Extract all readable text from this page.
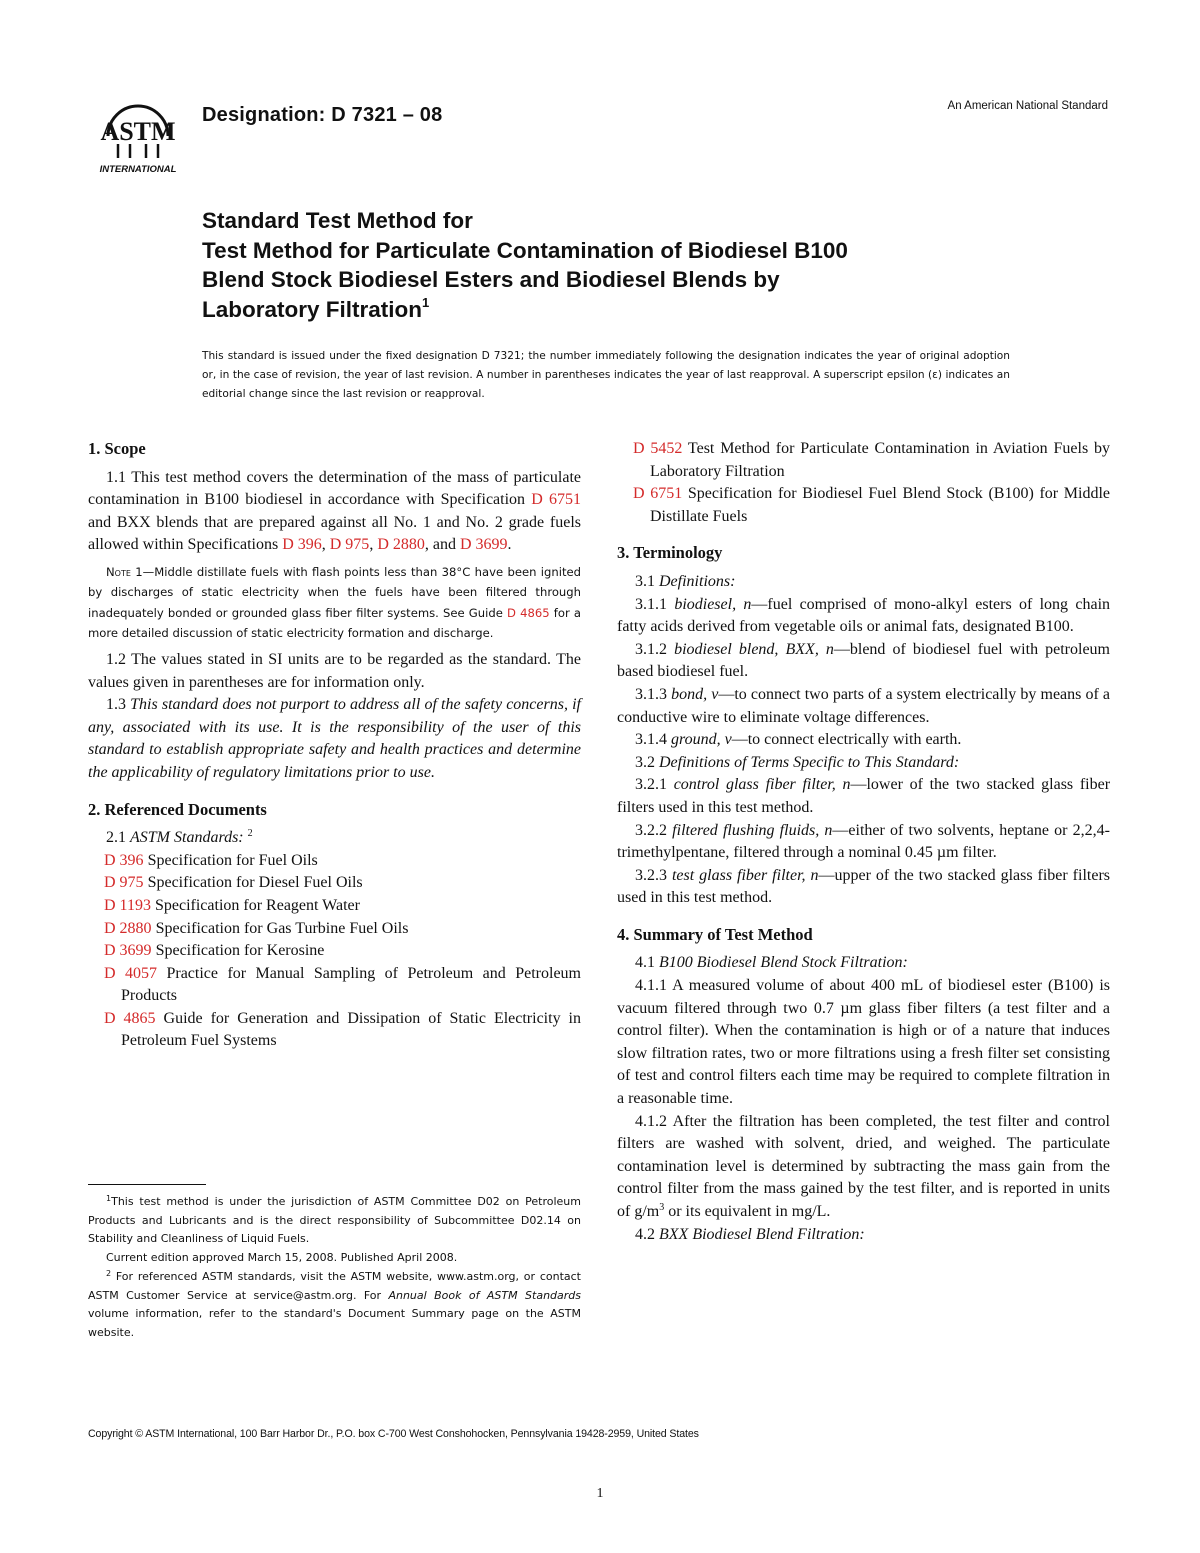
ASTM
INTERNATIONAL
Designation: D 7321 – 08	An American National Standard
Standard Test Method for
Test Method for Particulate Contamination of Biodiesel B100
Blend Stock Biodiesel Esters and Biodiesel Blends by
Laboratory Filtration$^1$
This standard is issued under the fixed designation D 7321; the number immediately following the designation indicates the year of original adoption or, in the case of revision, the year of last revision. A number in parentheses indicates the year of last reapproval. A superscript epsilon (ε) indicates an editorial change since the last revision or reapproval.

1. Scope

1.1 This test method covers the determination of the mass of particulate contamination in B100 biodiesel in accordance with Specification D 6751 and BXX blends that are prepared against all No. 1 and No. 2 grade fuels allowed within Specifications D 396, D 975, D 2880, and D 3699.

Note 1—Middle distillate fuels with flash points less than 38°C have been ignited by discharges of static electricity when the fuels have been filtered through inadequately bonded or grounded glass fiber filter systems. See Guide D 4865 for a more detailed discussion of static electricity formation and discharge.

1.2 The values stated in SI units are to be regarded as the standard. The values given in parentheses are for information only.

1.3 This standard does not purport to address all of the safety concerns, if any, associated with its use. It is the responsibility of the user of this standard to establish appropriate safety and health practices and determine the applicability of regulatory limitations prior to use.

2. Referenced Documents

2.1 ASTM Standards: $^2$

D 396 Specification for Fuel Oils

D 975 Specification for Diesel Fuel Oils

D 1193 Specification for Reagent Water

D 2880 Specification for Gas Turbine Fuel Oils

D 3699 Specification for Kerosine

D 4057 Practice for Manual Sampling of Petroleum and Petroleum Products

D 4865 Guide for Generation and Dissipation of Static Electricity in Petroleum Fuel Systems

$^1$This test method is under the jurisdiction of ASTM Committee D02 on Petroleum Products and Lubricants and is the direct responsibility of Subcommittee D02.14 on Stability and Cleanliness of Liquid Fuels.

Current edition approved March 15, 2008. Published April 2008.

$^2$ For referenced ASTM standards, visit the ASTM website, www.astm.org, or contact ASTM Customer Service at service@astm.org. For Annual Book of ASTM Standards volume information, refer to the standard's Document Summary page on the ASTM website.

D 5452 Test Method for Particulate Contamination in Aviation Fuels by Laboratory Filtration

D 6751 Specification for Biodiesel Fuel Blend Stock (B100) for Middle Distillate Fuels

3. Terminology

3.1 Definitions:

3.1.1 biodiesel, n—fuel comprised of mono-alkyl esters of long chain fatty acids derived from vegetable oils or animal fats, designated B100.

3.1.2 biodiesel blend, BXX, n—blend of biodiesel fuel with petroleum based biodiesel fuel.

3.1.3 bond, v—to connect two parts of a system electrically by means of a conductive wire to eliminate voltage differences.

3.1.4 ground, v—to connect electrically with earth.

3.2 Definitions of Terms Specific to This Standard:

3.2.1 control glass fiber filter, n—lower of the two stacked glass fiber filters used in this test method.

3.2.2 filtered flushing fluids, n—either of two solvents, heptane or 2,2,4-trimethylpentane, filtered through a nominal 0.45 µm filter.

3.2.3 test glass fiber filter, n—upper of the two stacked glass fiber filters used in this test method.

4. Summary of Test Method

4.1 B100 Biodiesel Blend Stock Filtration:

4.1.1 A measured volume of about 400 mL of biodiesel ester (B100) is vacuum filtered through two 0.7 µm glass fiber filters (a test filter and a control filter). When the contamination is high or of a nature that induces slow filtration rates, two or more filtrations using a fresh filter set consisting of test and control filters each time may be required to complete filtration in a reasonable time.

4.1.2 After the filtration has been completed, the test filter and control filters are washed with solvent, dried, and weighed. The particulate contamination level is determined by subtracting the mass gain from the control filter from the mass gained by the test filter, and is reported in units of $g/m^3$ or its equivalent in mg/L.

4.2 BXX Biodiesel Blend Filtration:

Copyright © ASTM International, 100 Barr Harbor Dr., P.O. box C-700 West Conshohocken, Pennsylvania 19428-2959, United States
1
